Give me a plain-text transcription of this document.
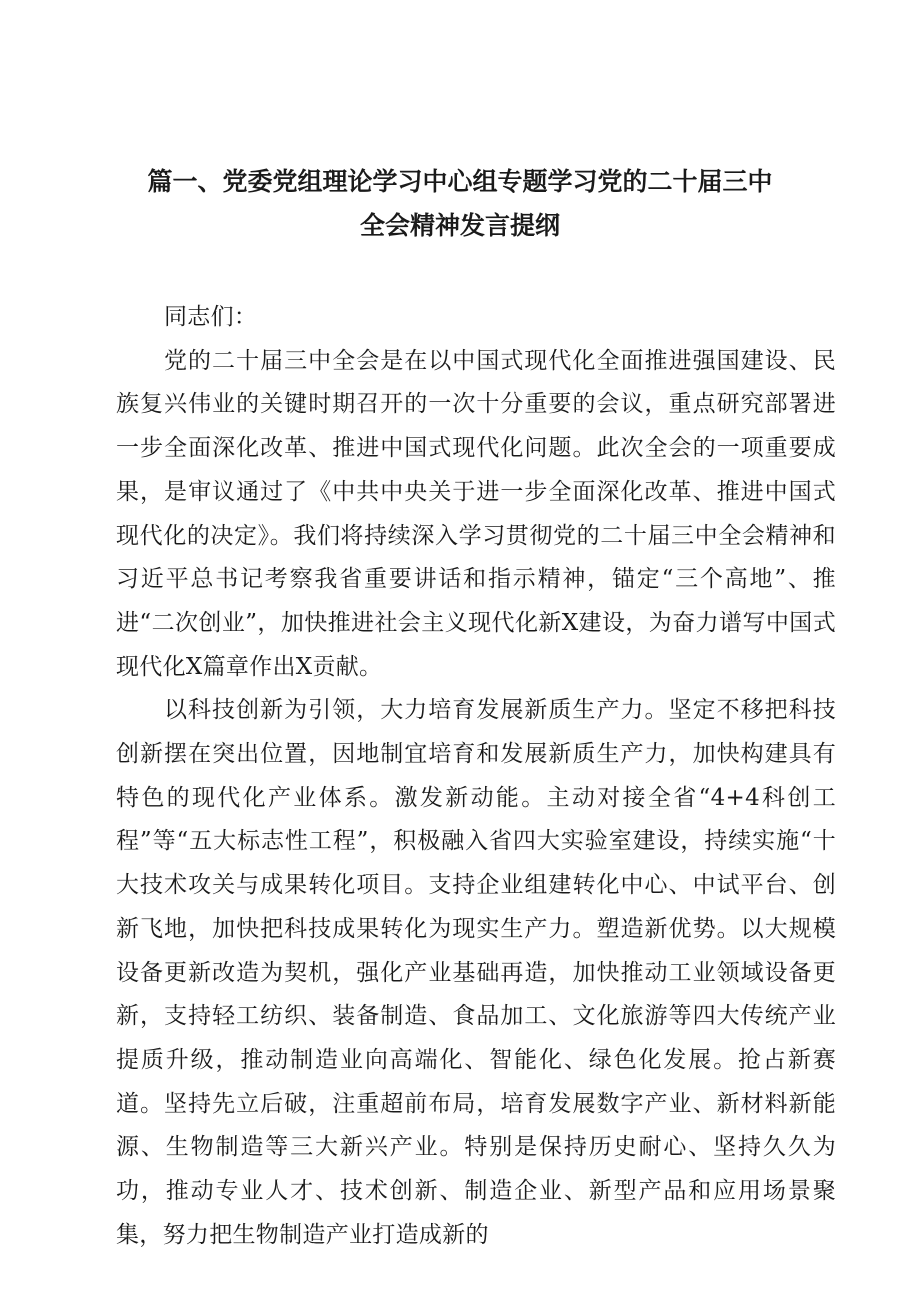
篇一、党委党组理论学习中心组专题学习党的二十届三中
全会精神发言提纲

同志们：

党的二十届三中全会是在以中国式现代化全面推进强国建设、民族复兴伟业的关键时期召开的一次十分重要的会议，重点研究部署进一步全面深化改革、推进中国式现代化问题。此次全会的一项重要成果，是审议通过了《中共中央关于进一步全面深化改革、推进中国式现代化的决定》。我们将持续深入学习贯彻党的二十届三中全会精神和习近平总书记考察我省重要讲话和指示精神，锚定“三个高地”、推进“二次创业”，加快推进社会主义现代化新X建设，为奋力谱写中国式现代化X篇章作出X贡献。

以科技创新为引领，大力培育发展新质生产力。坚定不移把科技创新摆在突出位置，因地制宜培育和发展新质生产力，加快构建具有特色的现代化产业体系。激发新动能。主动对接全省“4+4科创工程”等“五大标志性工程”，积极融入省四大实验室建设，持续实施“十大技术攻关与成果转化项目。支持企业组建转化中心、中试平台、创新飞地，加快把科技成果转化为现实生产力。塑造新优势。以大规模设备更新改造为契机，强化产业基础再造，加快推动工业领域设备更新，支持轻工纺织、装备制造、食品加工、文化旅游等四大传统产业提质升级，推动制造业向高端化、智能化、绿色化发展。抢占新赛道。坚持先立后破，注重超前布局，培育发展数字产业、新材料新能源、生物制造等三大新兴产业。特别是保持历史耐心、坚持久久为功，推动专业人才、技术创新、制造企业、新型产品和应用场景聚集，努力把生物制造产业打造成新的
